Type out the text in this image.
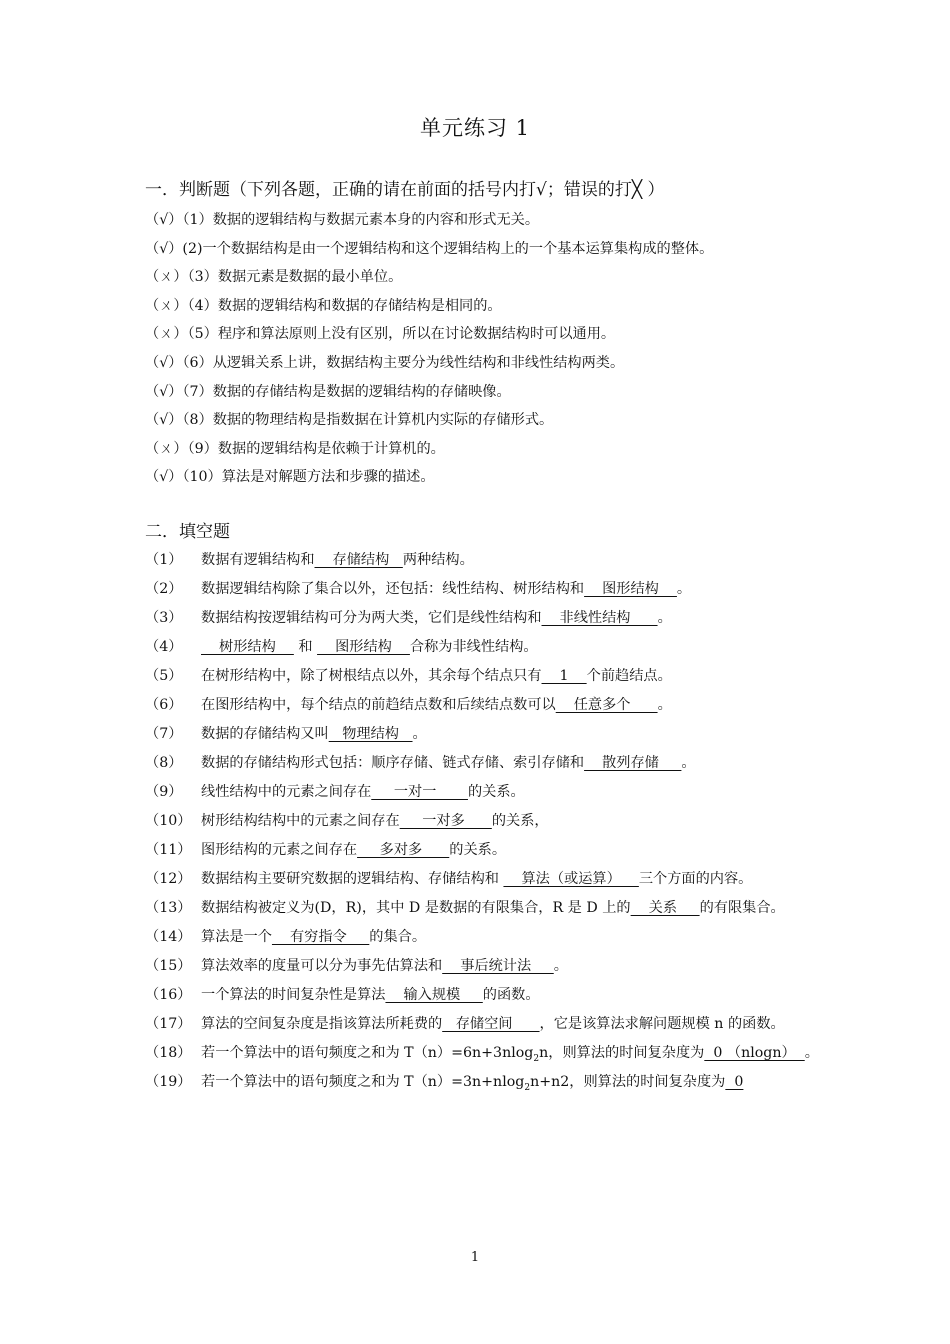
单元练习 1
一．判断题（下列各题，正确的请在前面的括号内打√；错误的打╳ ）
（√）（1）数据的逻辑结构与数据元素本身的内容和形式无关。
（√）(2)一个数据结构是由一个逻辑结构和这个逻辑结构上的一个基本运算集构成的整体。
（ㄨ）（3）数据元素是数据的最小单位。
（ㄨ）（4）数据的逻辑结构和数据的存储结构是相同的。
（ㄨ）（5）程序和算法原则上没有区别，所以在讨论数据结构时可以通用。
（√）（6）从逻辑关系上讲，数据结构主要分为线性结构和非线性结构两类。
（√）（7）数据的存储结构是数据的逻辑结构的存储映像。
（√）（8）数据的物理结构是指数据在计算机内实际的存储形式。
（ㄨ）（9）数据的逻辑结构是依赖于计算机的。
（√）（10）算法是对解题方法和步骤的描述。
二．填空题
（1）	数据有逻辑结构和    存储结构   两种结构。
（2）	数据逻辑结构除了集合以外，还包括：线性结构、树形结构和    图形结构    。
（3）	数据结构按逻辑结构可分为两大类，它们是线性结构和    非线性结构      。
（4）	树形结构     和     图形结构    合称为非线性结构。
（5）	在树形结构中，除了树根结点以外，其余每个结点只有    1    个前趋结点。
（6）	在图形结构中，每个结点的前趋结点数和后续结点数可以    任意多个      。
（7）	数据的存储结构又叫   物理结构   。
（8）	数据的存储结构形式包括：顺序存储、链式存储、索引存储和    散列存储     。
（9）	线性结构中的元素之间存在     一对一       的关系。
（10） 树形结构结构中的元素之间存在     一对多      的关系，
（11） 图形结构的元素之间存在     多对多      的关系。
（12） 数据结构主要研究数据的逻辑结构、存储结构和     算法（或运算）    三个方面的内容。
（13） 数据结构被定义为(D，R)，其中 D 是数据的有限集合，R 是 D 上的    关系     的有限集合。
（14） 算法是一个    有穷指令     的集合。
（15） 算法效率的度量可以分为事先估算法和    事后统计法     。
（16） 一个算法的时间复杂性是算法    输入规模     的函数。
（17） 算法的空间复杂度是指该算法所耗费的   存储空间      ，它是该算法求解问题规模 n 的函数。
（18） 若一个算法中的语句频度之和为 T（n）=6n+3nlog$_2$n，则算法的时间复杂度为  0 （nlogn）  。
（19） 若一个算法中的语句频度之和为 T（n）=3n+nlog$_2$n+n2，则算法的时间复杂度为  0
1
